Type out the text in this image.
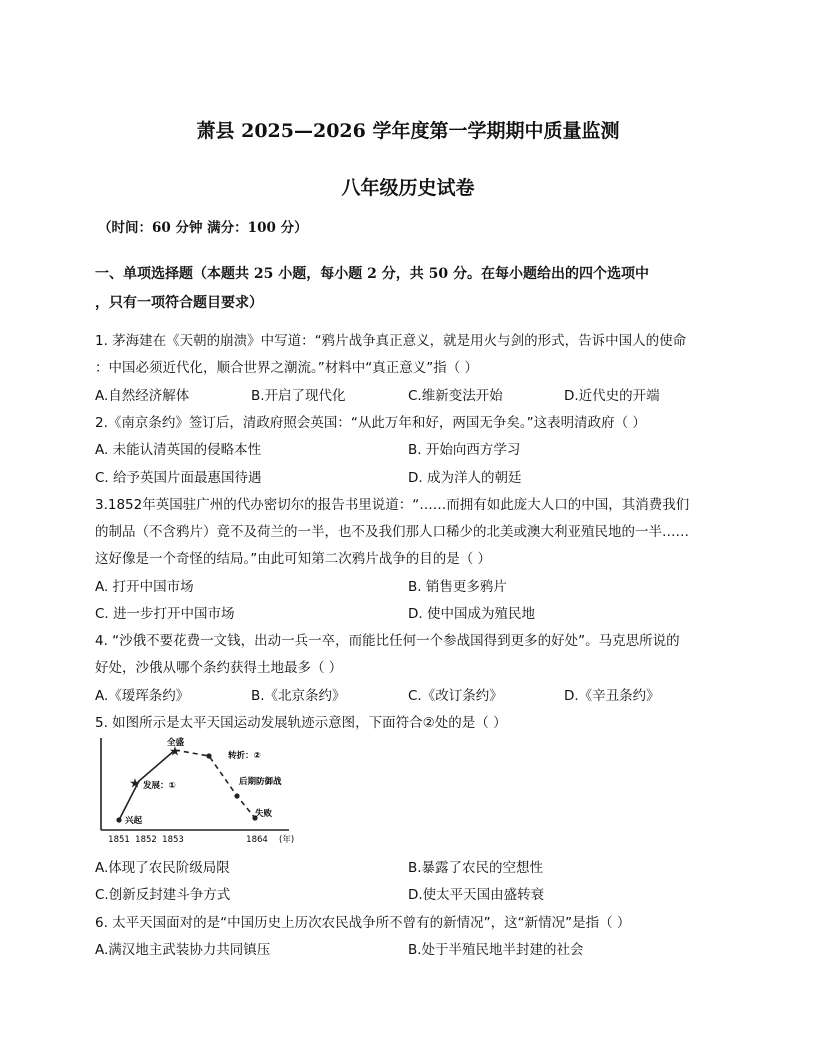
萧县 2025—2026 学年度第一学期期中质量监测
八年级历史试卷
（时间：60 分钟 满分：100 分）
一、单项选择题（本题共 25 小题，每小题 2 分，共 50 分。在每小题给出的四个选项中
，只有一项符合题目要求）
1. 茅海建在《天朝的崩溃》中写道：“鸦片战争真正意义，就是用火与剑的形式，告诉中国人的使命
：中国必须近代化，顺合世界之潮流。”材料中“真正意义”指（ ）
A.自然经济解体	B.开启了现代化	C.维新变法开始	D.近代史的开端
2.《南京条约》签订后，清政府照会英国：“从此万年和好，两国无争矣。”这表明清政府（ ）
A. 未能认清英国的侵略本性	B. 开始向西方学习
C. 给予英国片面最惠国待遇	D. 成为洋人的朝廷
3.1852年英国驻广州的代办密切尔的报告书里说道：“……而拥有如此庞大人口的中国，其消费我们
的制品（不含鸦片）竟不及荷兰的一半，也不及我们那人口稀少的北美或澳大利亚殖民地的一半……
这好像是一个奇怪的结局。”由此可知第二次鸦片战争的目的是（ ）
A. 打开中国市场	B. 销售更多鸦片
C. 进一步打开中国市场	D. 使中国成为殖民地
4. “沙俄不要花费一文钱，出动一兵一卒，而能比任何一个参战国得到更多的好处”。马克思所说的
好处，沙俄从哪个条约获得土地最多（ ）
A.《瑷珲条约》	B.《北京条约》	C.《改订条约》	D.《辛丑条约》
5. 如图所示是太平天国运动发展轨迹示意图，下面符合②处的是（ ）
★
★
全盛
转折：②
发展：①	后期防御战
兴起
失败
1851 1852 1853	1864 (年)
A.体现了农民阶级局限	B.暴露了农民的空想性
C.创新反封建斗争方式	D.使太平天国由盛转衰
6. 太平天国面对的是“中国历史上历次农民战争所不曾有的新情况”，这“新情况”是指（ ）
A.满汉地主武装协力共同镇压	B.处于半殖民地半封建的社会
